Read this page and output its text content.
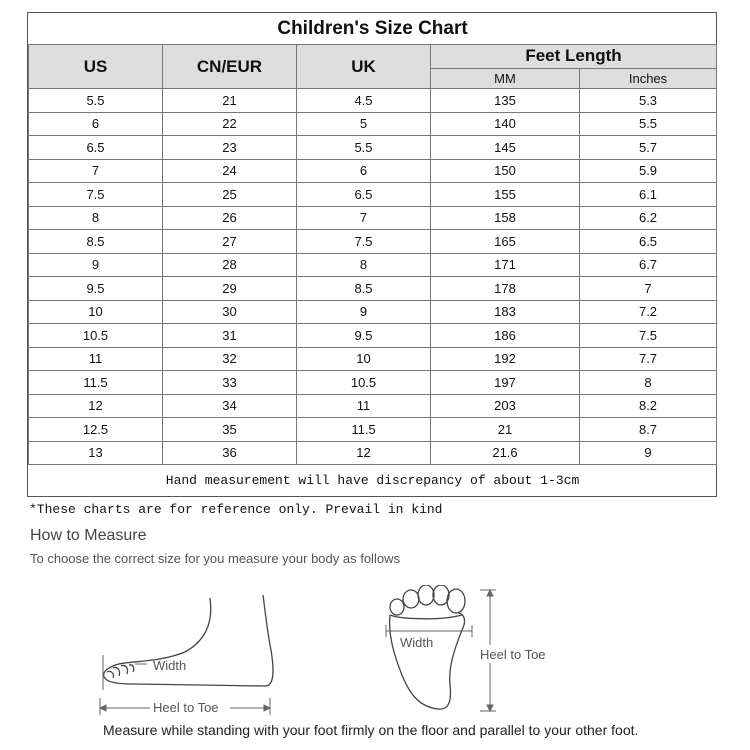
Children's Size Chart				
US	CN/EUR	UK	Feet Length	
			MM	Inches
5.5	21	4.5	135	5.3
6	22	5	140	5.5
6.5	23	5.5	145	5.7
7	24	6	150	5.9
7.5	25	6.5	155	6.1
8	26	7	158	6.2
8.5	27	7.5	165	6.5
9	28	8	171	6.7
9.5	29	8.5	178	7
10	30	9	183	7.2
10.5	31	9.5	186	7.5
11	32	10	192	7.7
11.5	33	10.5	197	8
12	34	11	203	8.2
12.5	35	11.5	21	8.7
13	36	12	21.6	9
Hand measurement will have discrepancy of about 1-3cm				
*These charts are for reference only. Prevail in kind
How to Measure
To choose the correct size for you measure your body as follows
Width
Heel to Toe
Width
Heel to Toe
Measure while standing with your foot firmly on the floor and parallel to your other foot.
